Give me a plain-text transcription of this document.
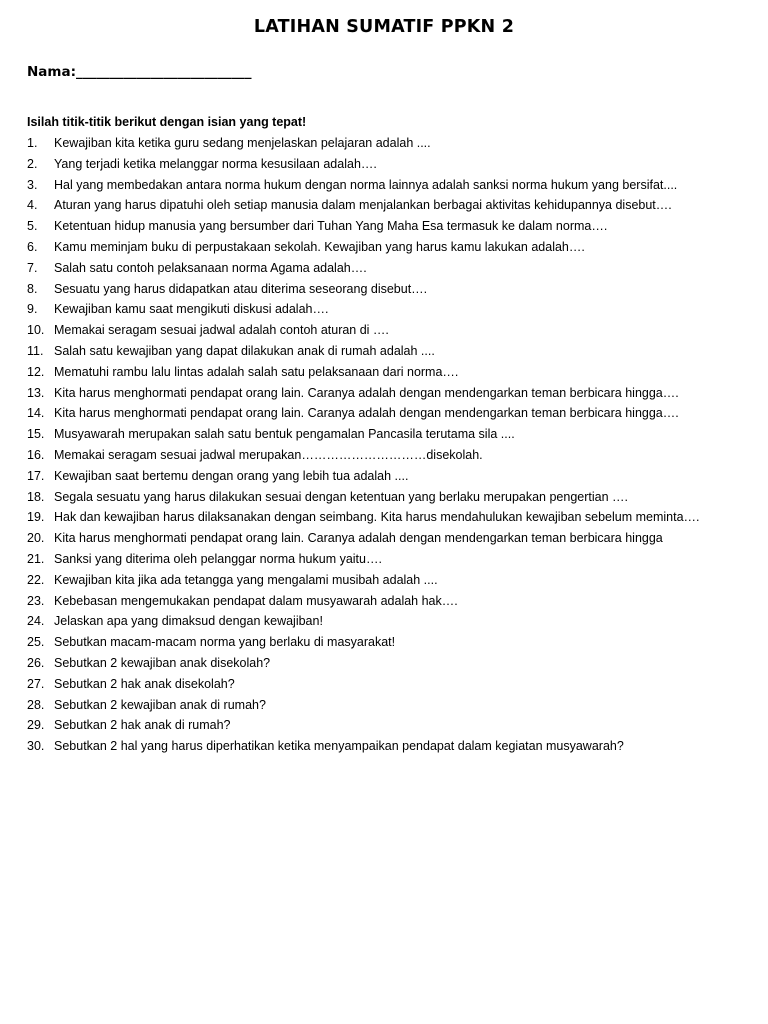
LATIHAN SUMATIF PPKN 2
Nama:__________________________
Isilah titik-titik berikut dengan isian yang tepat!
1.	Kewajiban kita ketika guru sedang menjelaskan pelajaran adalah ....
2.	Yang terjadi ketika melanggar norma kesusilaan adalah….
3.	Hal yang membedakan antara norma hukum dengan norma lainnya adalah sanksi norma hukum yang bersifat....
4.	Aturan yang harus dipatuhi oleh setiap manusia dalam menjalankan berbagai aktivitas kehidupannya disebut….
5.	Ketentuan hidup manusia yang bersumber dari Tuhan Yang Maha Esa termasuk ke dalam norma….
6.	Kamu meminjam buku di perpustakaan sekolah. Kewajiban yang harus kamu lakukan adalah….
7.	Salah satu contoh pelaksanaan norma Agama adalah….
8.	Sesuatu yang harus didapatkan atau diterima seseorang disebut….
9.	Kewajiban kamu saat mengikuti diskusi adalah….
10. Memakai seragam sesuai jadwal adalah contoh aturan di ….
11. Salah satu kewajiban yang dapat dilakukan anak di rumah adalah ....
12. Mematuhi rambu lalu lintas adalah salah satu pelaksanaan dari norma….
13. Kita harus menghormati pendapat orang lain. Caranya adalah dengan mendengarkan teman berbicara hingga….
14. Kita harus menghormati pendapat orang lain. Caranya adalah dengan mendengarkan teman berbicara hingga….
15. Musyawarah merupakan salah satu bentuk pengamalan Pancasila terutama sila ....
16. Memakai seragam sesuai jadwal merupakan…………………………disekolah.
17. Kewajiban saat bertemu dengan orang yang lebih tua adalah ....
18. Segala sesuatu yang harus dilakukan sesuai dengan ketentuan yang berlaku merupakan pengertian ….
19. Hak dan kewajiban harus dilaksanakan dengan seimbang. Kita harus mendahulukan kewajiban sebelum meminta….
20. Kita harus menghormati pendapat orang lain. Caranya adalah dengan mendengarkan teman berbicara hingga
21. Sanksi yang diterima oleh pelanggar norma hukum yaitu….
22. Kewajiban kita jika ada tetangga yang mengalami musibah adalah ....
23. Kebebasan mengemukakan pendapat dalam musyawarah adalah hak….
24. Jelaskan apa yang dimaksud dengan kewajiban!
25. Sebutkan macam-macam norma yang berlaku di masyarakat!
26. Sebutkan 2 kewajiban anak disekolah?
27. Sebutkan 2 hak anak disekolah?
28. Sebutkan 2 kewajiban anak di rumah?
29. Sebutkan 2 hak anak di rumah?
30. Sebutkan 2 hal yang harus diperhatikan ketika menyampaikan pendapat dalam kegiatan musyawarah?
